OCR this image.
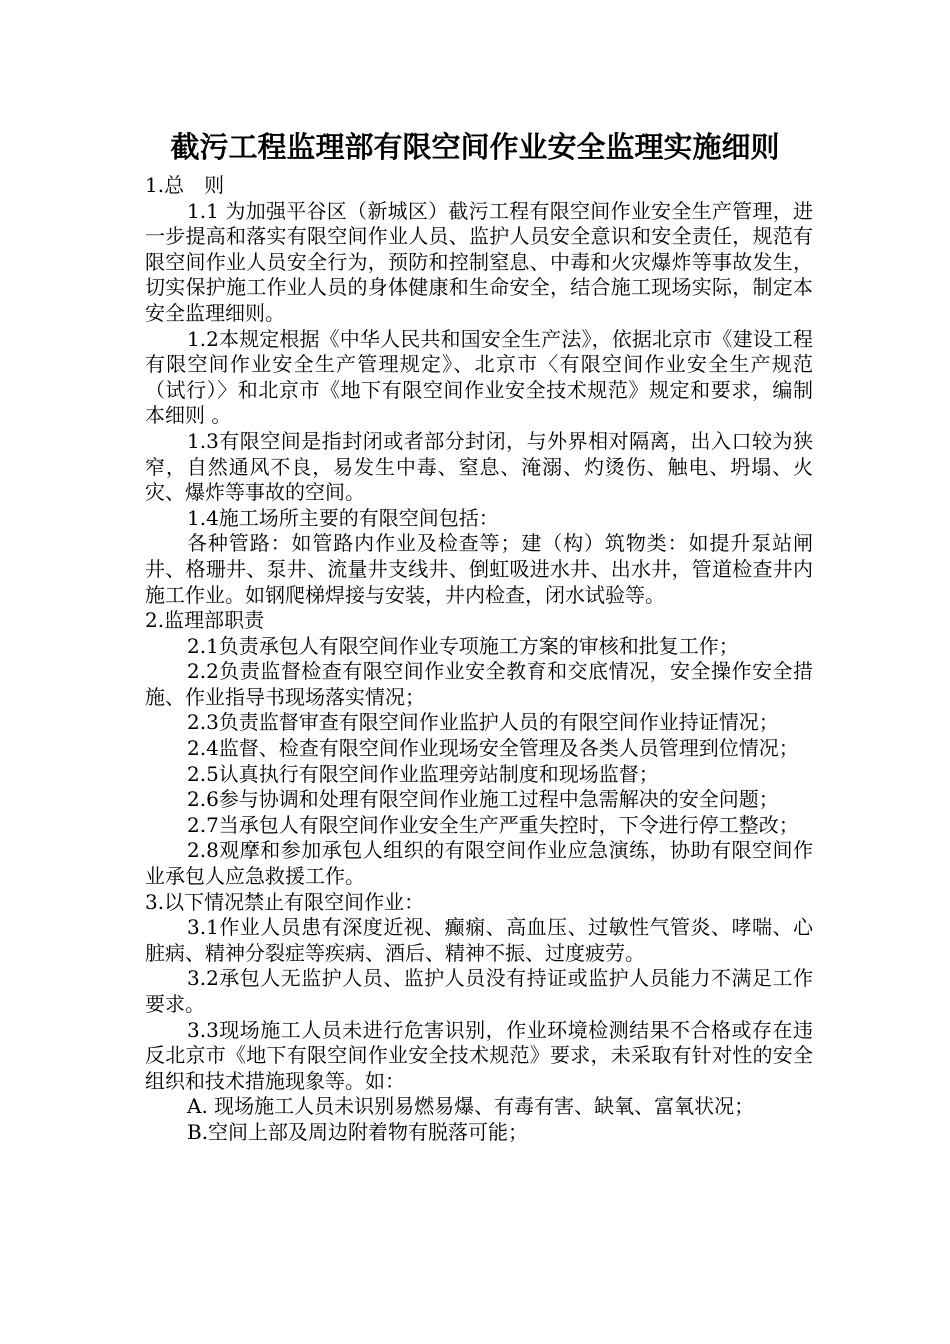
截污工程监理部有限空间作业安全监理实施细则

1.总　则

1.1 为加强平谷区（新城区）截污工程有限空间作业安全生产管理，进一步提高和落实有限空间作业人员、监护人员安全意识和安全责任，规范有限空间作业人员安全行为，预防和控制窒息、中毒和火灾爆炸等事故发生，切实保护施工作业人员的身体健康和生命安全，结合施工现场实际，制定本安全监理细则。

1.2本规定根据《中华人民共和国安全生产法》，依据北京市《建设工程有限空间作业安全生产管理规定》、北京市〈有限空间作业安全生产规范（试行）〉和北京市《地下有限空间作业安全技术规范》规定和要求，编制本细则 。

1.3有限空间是指封闭或者部分封闭，与外界相对隔离，出入口较为狭窄，自然通风不良，易发生中毒、窒息、淹溺、灼烫伤、触电、坍塌、火灾、爆炸等事故的空间。

1.4施工场所主要的有限空间包括：

各种管路：如管路内作业及检查等；建（构）筑物类：如提升泵站闸井、格珊井、泵井、流量井支线井、倒虹吸进水井、出水井，管道检查井内施工作业。如钢爬梯焊接与安装，井内检查，闭水试验等。

2.监理部职责

2.1负责承包人有限空间作业专项施工方案的审核和批复工作；

2.2负责监督检查有限空间作业安全教育和交底情况，安全操作安全措施、作业指导书现场落实情况；

2.3负责监督审查有限空间作业监护人员的有限空间作业持证情况；

2.4监督、检查有限空间作业现场安全管理及各类人员管理到位情况；

2.5认真执行有限空间作业监理旁站制度和现场监督；

2.6参与协调和处理有限空间作业施工过程中急需解决的安全问题；

2.7当承包人有限空间作业安全生产严重失控时，下令进行停工整改；

2.8观摩和参加承包人组织的有限空间作业应急演练，协助有限空间作业承包人应急救援工作。

3.以下情况禁止有限空间作业：

3.1作业人员患有深度近视、癫痫、高血压、过敏性气管炎、哮喘、心脏病、精神分裂症等疾病、酒后、精神不振、过度疲劳。

3.2承包人无监护人员、监护人员没有持证或监护人员能力不满足工作要求。

3.3现场施工人员未进行危害识别，作业环境检测结果不合格或存在违反北京市《地下有限空间作业安全技术规范》要求，未采取有针对性的安全组织和技术措施现象等。如：

A. 现场施工人员未识别易燃易爆、有毒有害、缺氧、富氧状况；

B.空间上部及周边附着物有脱落可能；
